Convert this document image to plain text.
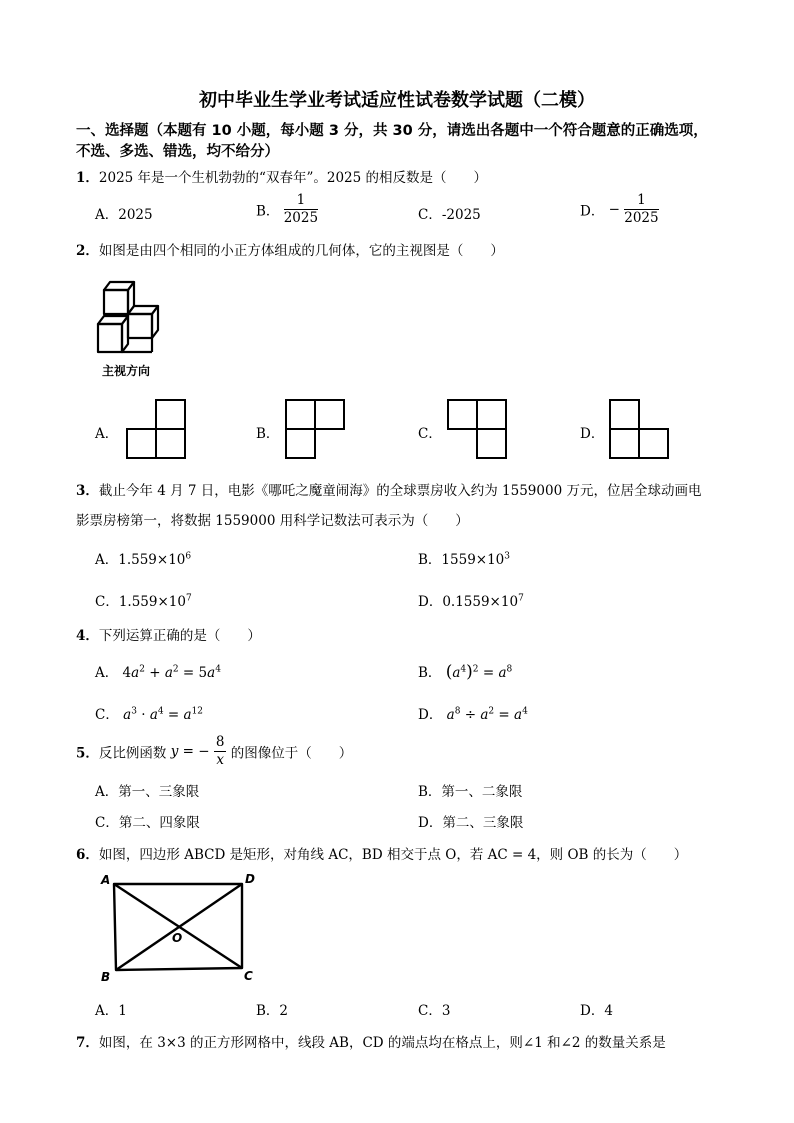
初中毕业生学业考试适应性试卷数学试题（二模）
一、选择题（本题有 10 小题，每小题 3 分，共 30 分，请选出各题中一个符合题意的正确选项，
不选、多选、错选，均不给分）
1．2025 年是一个生机勃勃的“双春年”。2025 的相反数是（　　）
A．2025	B． $\frac{1}{2025}$	C．-2025	D． − $\frac{1}{2025}$
2．如图是由四个相同的小正方体组成的几何体，它的主视图是（　　）
主视方向
A．	B．	C．	D．
3．截止今年 4 月 7 日，电影《哪吒之魔童闹海》的全球票房收入约为 1559000 万元，位居全球动画电
影票房榜第一，将数据 1559000 用科学记数法可表示为（　　）
A．$1.559\times 10^6$	B．$1559\times 10^3$
C．$1.559\times 10^7$	D．$0.1559\times 10^7$
4．下列运算正确的是（　　）
A． $4a^2 + a^2 = 5a^4$	B． $(a^4)^2 = a^8$
C． $a^3 \cdot a^4 = a^{12}$	D． $a^8 \div a^2 = a^4$
5．反比例函数 y = − $\frac{8}{x}$ 的图像位于（　　）
A．第一、三象限	B．第一、二象限
C．第二、四象限	D．第二、三象限
6．如图，四边形 ABCD 是矩形，对角线 AC，BD 相交于点 O，若 AC = 4，则 OB 的长为（　　）
A	D
B	C
O
A．1	B．2	C．3	D．4
7．如图，在 3×3 的正方形网格中，线段 AB，CD 的端点均在格点上，则∠1 和∠2 的数量关系是
